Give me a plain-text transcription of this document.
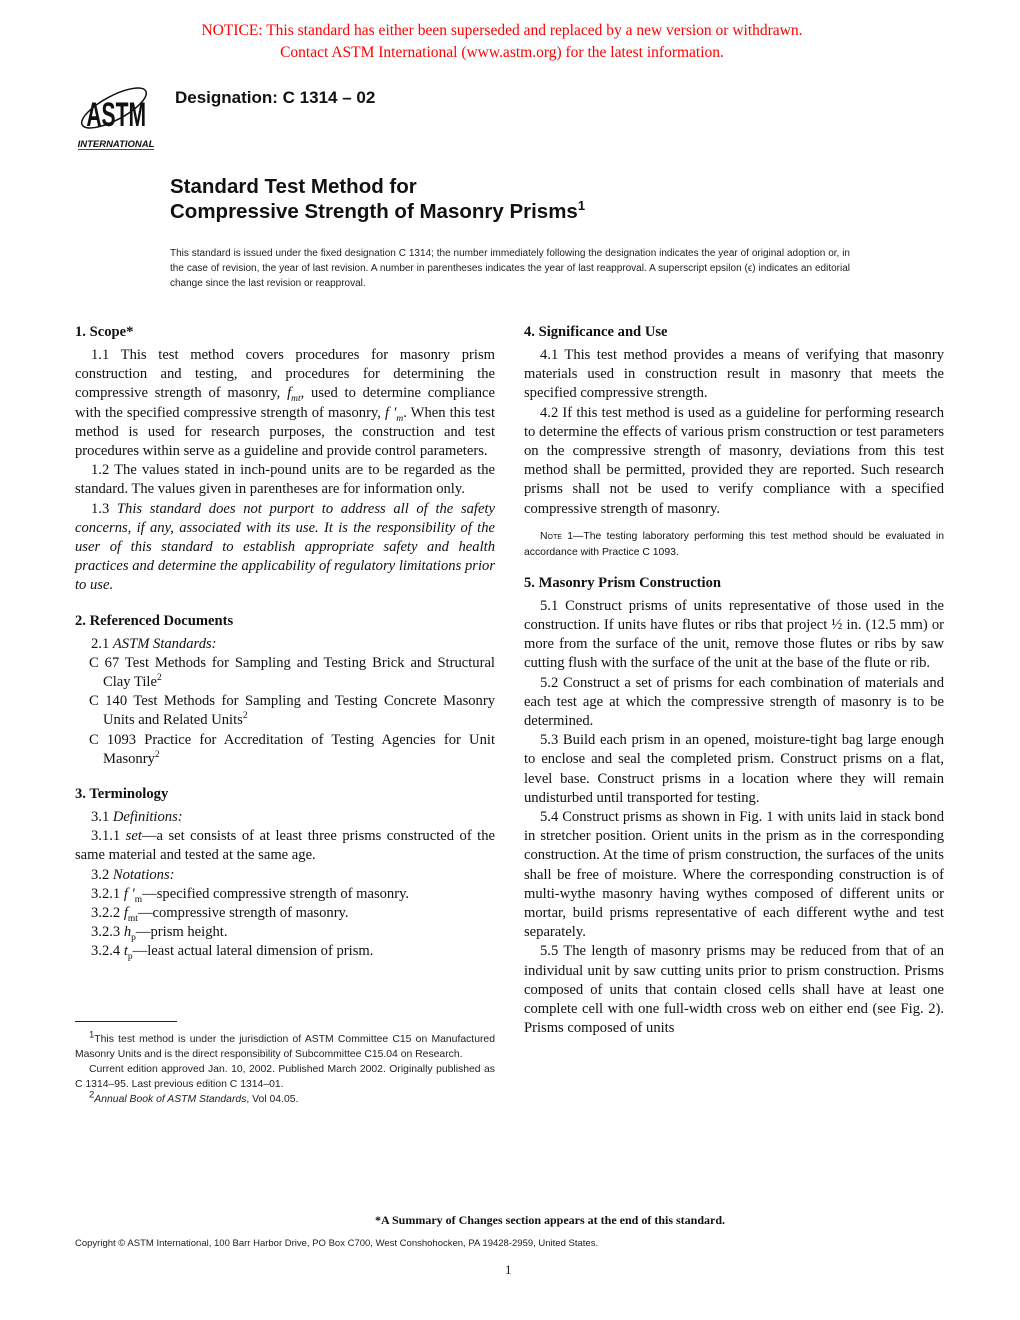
NOTICE: This standard has either been superseded and replaced by a new version or withdrawn.
Contact ASTM International (www.astm.org) for the latest information.
ASTM
INTERNATIONAL
Designation: C 1314 – 02
Standard Test Method for
Compressive Strength of Masonry Prisms$^1$
This standard is issued under the fixed designation C 1314; the number immediately following the designation indicates the year of original adoption or, in the case of revision, the year of last revision. A number in parentheses indicates the year of last reapproval. A superscript epsilon (ϵ) indicates an editorial change since the last revision or reapproval.
1. Scope*

1.1 This test method covers procedures for masonry prism construction and testing, and procedures for determining the compressive strength of masonry, $f_{mt}$, used to determine compliance with the specified compressive strength of masonry, f $'_m$. When this test method is used for research purposes, the construction and test procedures within serve as a guideline and provide control parameters.

1.2 The values stated in inch-pound units are to be regarded as the standard. The values given in parentheses are for information only.

1.3 This standard does not purport to address all of the safety concerns, if any, associated with its use. It is the responsibility of the user of this standard to establish appropriate safety and health practices and determine the applicability of regulatory limitations prior to use.

2. Referenced Documents

2.1 ASTM Standards:

C 67 Test Methods for Sampling and Testing Brick and Structural Clay Tile$^2$
C 140 Test Methods for Sampling and Testing Concrete Masonry Units and Related Units$^2$
C 1093 Practice for Accreditation of Testing Agencies for Unit Masonry$^2$
3. Terminology

3.1 Definitions:

3.1.1 set—a set consists of at least three prisms constructed of the same material and tested at the same age.

3.2 Notations:

3.2.1 f $'_m—specified$ compressive strength of masonry.

3.2.2 $f_{mt}—compressive$ strength of masonry.

3.2.3 $h_p—prism$ height.

3.2.4 $t_p—least$ actual lateral dimension of prism.

$^1$This test method is under the jurisdiction of ASTM Committee C15 on Manufactured Masonry Units and is the direct responsibility of Subcommittee C15.04 on Research.

Current edition approved Jan. 10, 2002. Published March 2002. Originally published as C 1314–95. Last previous edition C 1314–01.

$^2$Annual Book of ASTM Standards, Vol 04.05.

4. Significance and Use

4.1 This test method provides a means of verifying that masonry materials used in construction result in masonry that meets the specified compressive strength.

4.2 If this test method is used as a guideline for performing research to determine the effects of various prism construction or test parameters on the compressive strength of masonry, deviations from this test method shall be permitted, provided they are reported. Such research prisms shall not be used to verify compliance with a specified compressive strength of masonry.

Note 1—The testing laboratory performing this test method should be evaluated in accordance with Practice C 1093.
5. Masonry Prism Construction

5.1 Construct prisms of units representative of those used in the construction. If units have flutes or ribs that project ½ in. (12.5 mm) or more from the surface of the unit, remove those flutes or ribs by saw cutting flush with the surface of the unit at the base of the flute or rib.

5.2 Construct a set of prisms for each combination of materials and each test age at which the compressive strength of masonry is to be determined.

5.3 Build each prism in an opened, moisture-tight bag large enough to enclose and seal the completed prism. Construct prisms on a flat, level base. Construct prisms in a location where they will remain undisturbed until transported for testing.

5.4 Construct prisms as shown in Fig. 1 with units laid in stack bond in stretcher position. Orient units in the prism as in the corresponding construction. At the time of prism construction, the surfaces of the units shall be free of moisture. Where the corresponding construction is of multi-wythe masonry having wythes composed of different units or mortar, build prisms representative of each different wythe and test separately.

5.5 The length of masonry prisms may be reduced from that of an individual unit by saw cutting units prior to prism construction. Prisms composed of units that contain closed cells shall have at least one complete cell with one full-width cross web on either end (see Fig. 2). Prisms composed of units

*A Summary of Changes section appears at the end of this standard.
Copyright © ASTM International, 100 Barr Harbor Drive, PO Box C700, West Conshohocken, PA 19428-2959, United States.
1
